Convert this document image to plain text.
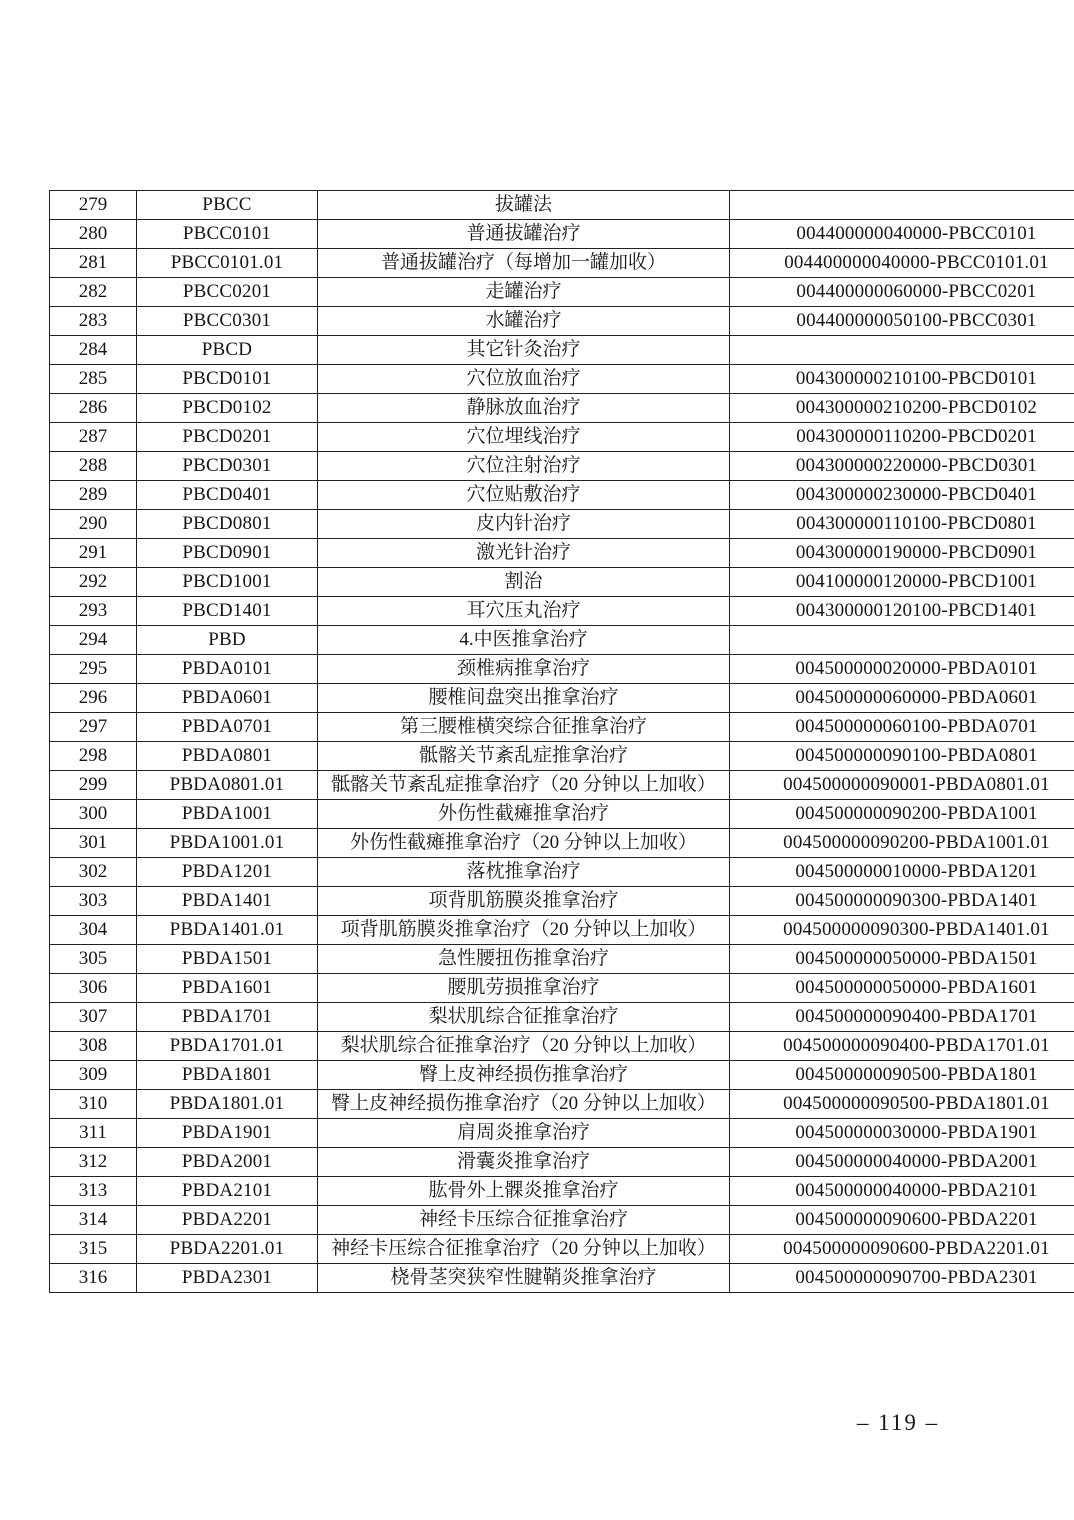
279	PBCC	拔罐法	
280	PBCC0101	普通拔罐治疗	004400000040000-PBCC0101
281	PBCC0101.01	普通拔罐治疗（每增加一罐加收）	004400000040000-PBCC0101.01
282	PBCC0201	走罐治疗	004400000060000-PBCC0201
283	PBCC0301	水罐治疗	004400000050100-PBCC0301
284	PBCD	其它针灸治疗	
285	PBCD0101	穴位放血治疗	004300000210100-PBCD0101
286	PBCD0102	静脉放血治疗	004300000210200-PBCD0102
287	PBCD0201	穴位埋线治疗	004300000110200-PBCD0201
288	PBCD0301	穴位注射治疗	004300000220000-PBCD0301
289	PBCD0401	穴位贴敷治疗	004300000230000-PBCD0401
290	PBCD0801	皮内针治疗	004300000110100-PBCD0801
291	PBCD0901	激光针治疗	004300000190000-PBCD0901
292	PBCD1001	割治	004100000120000-PBCD1001
293	PBCD1401	耳穴压丸治疗	004300000120100-PBCD1401
294	PBD	4.中医推拿治疗	
295	PBDA0101	颈椎病推拿治疗	004500000020000-PBDA0101
296	PBDA0601	腰椎间盘突出推拿治疗	004500000060000-PBDA0601
297	PBDA0701	第三腰椎横突综合征推拿治疗	004500000060100-PBDA0701
298	PBDA0801	骶髂关节紊乱症推拿治疗	004500000090100-PBDA0801
299	PBDA0801.01	骶髂关节紊乱症推拿治疗（20 分钟以上加收）	004500000090001-PBDA0801.01
300	PBDA1001	外伤性截瘫推拿治疗	004500000090200-PBDA1001
301	PBDA1001.01	外伤性截瘫推拿治疗（20 分钟以上加收）	004500000090200-PBDA1001.01
302	PBDA1201	落枕推拿治疗	004500000010000-PBDA1201
303	PBDA1401	项背肌筋膜炎推拿治疗	004500000090300-PBDA1401
304	PBDA1401.01	项背肌筋膜炎推拿治疗（20 分钟以上加收）	004500000090300-PBDA1401.01
305	PBDA1501	急性腰扭伤推拿治疗	004500000050000-PBDA1501
306	PBDA1601	腰肌劳损推拿治疗	004500000050000-PBDA1601
307	PBDA1701	梨状肌综合征推拿治疗	004500000090400-PBDA1701
308	PBDA1701.01	梨状肌综合征推拿治疗（20 分钟以上加收）	004500000090400-PBDA1701.01
309	PBDA1801	臀上皮神经损伤推拿治疗	004500000090500-PBDA1801
310	PBDA1801.01	臀上皮神经损伤推拿治疗（20 分钟以上加收）	004500000090500-PBDA1801.01
311	PBDA1901	肩周炎推拿治疗	004500000030000-PBDA1901
312	PBDA2001	滑囊炎推拿治疗	004500000040000-PBDA2001
313	PBDA2101	肱骨外上髁炎推拿治疗	004500000040000-PBDA2101
314	PBDA2201	神经卡压综合征推拿治疗	004500000090600-PBDA2201
315	PBDA2201.01	神经卡压综合征推拿治疗（20 分钟以上加收）	004500000090600-PBDA2201.01
316	PBDA2301	桡骨茎突狭窄性腱鞘炎推拿治疗	004500000090700-PBDA2301
– 119 –
